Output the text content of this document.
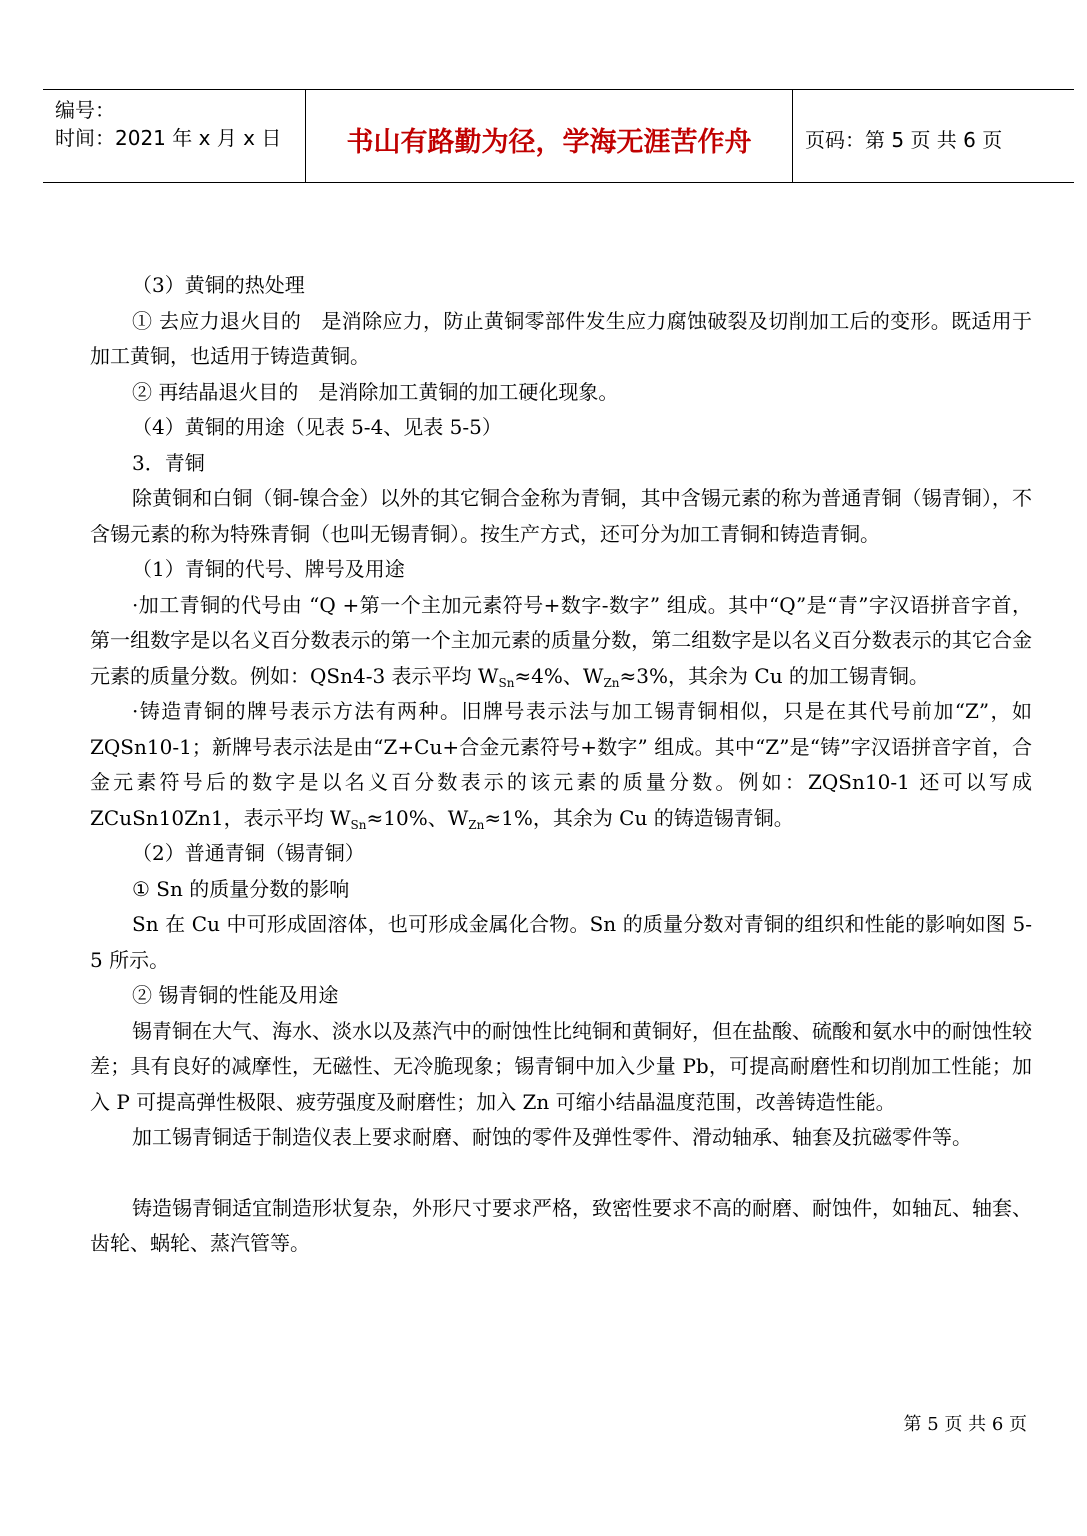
编号：
时间：2021 年 x 月 x 日	书山有路勤为径，学海无涯苦作舟	页码：第 5 页 共 6 页

（3）黄铜的热处理

① 去应力退火目的　是消除应力，防止黄铜零部件发生应力腐蚀破裂及切削加工后的变形。既适用于加工黄铜，也适用于铸造黄铜。

② 再结晶退火目的　是消除加工黄铜的加工硬化现象。

（4）黄铜的用途（见表 5-4、见表 5-5）

3．青铜

除黄铜和白铜（铜-镍合金）以外的其它铜合金称为青铜，其中含锡元素的称为普通青铜（锡青铜），不含锡元素的称为特殊青铜（也叫无锡青铜）。按生产方式，还可分为加工青铜和铸造青铜。

（1）青铜的代号、牌号及用途

·加工青铜的代号由 “Q +第一个主加元素符号+数字-数字” 组成。其中“Q”是“青”字汉语拼音字首，第一组数字是以名义百分数表示的第一个主加元素的质量分数，第二组数字是以名义百分数表示的其它合金元素的质量分数。例如：QSn4-3 表示平均 $W_{Sn}\approx 4\%$、$W_{Zn}\approx 3\%$，其余为 Cu 的加工锡青铜。

·铸造青铜的牌号表示方法有两种。旧牌号表示法与加工锡青铜相似，只是在其代号前加“Z”，如 ZQSn10-1；新牌号表示法是由“Z+Cu+合金元素符号+数字” 组成。其中“Z”是“铸”字汉语拼音字首，合金元素符号后的数字是以名义百分数表示的该元素的质量分数。例如：ZQSn10-1 还可以写成 ZCuSn10Zn1，表示平均 $W_{Sn}\approx 10\%$、$W_{Zn}\approx 1\%$，其余为 Cu 的铸造锡青铜。

（2）普通青铜（锡青铜）

① Sn 的质量分数的影响

Sn 在 Cu 中可形成固溶体，也可形成金属化合物。Sn 的质量分数对青铜的组织和性能的影响如图 5-5 所示。

② 锡青铜的性能及用途

锡青铜在大气、海水、淡水以及蒸汽中的耐蚀性比纯铜和黄铜好，但在盐酸、硫酸和氨水中的耐蚀性较差；具有良好的减摩性，无磁性、无冷脆现象；锡青铜中加入少量 Pb，可提高耐磨性和切削加工性能；加入 P 可提高弹性极限、疲劳强度及耐磨性；加入 Zn 可缩小结晶温度范围，改善铸造性能。

加工锡青铜适于制造仪表上要求耐磨、耐蚀的零件及弹性零件、滑动轴承、轴套及抗磁零件等。

铸造锡青铜适宜制造形状复杂，外形尺寸要求严格，致密性要求不高的耐磨、耐蚀件，如轴瓦、轴套、齿轮、蜗轮、蒸汽管等。

第 5 页 共 6 页
